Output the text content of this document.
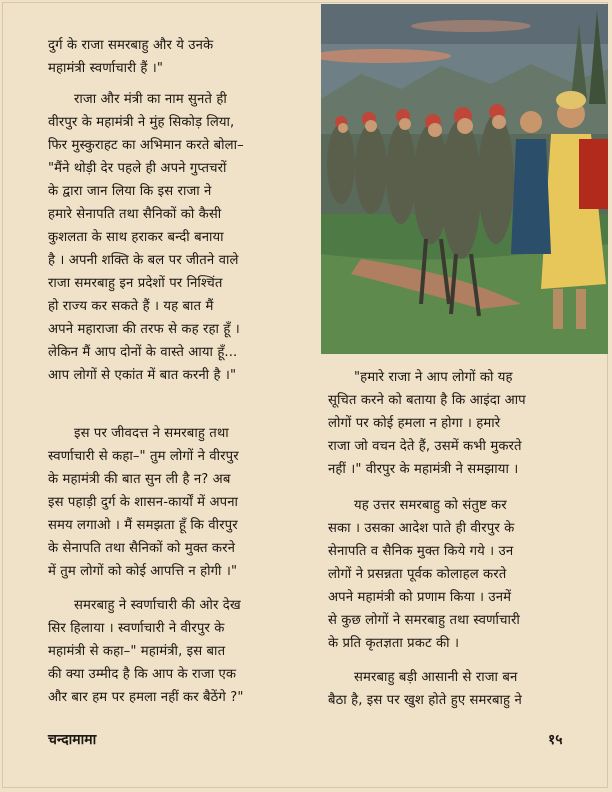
दुर्ग के राजा समरबाहु और ये उनके
महामंत्री स्वर्णाचारी हैं ।"
राजा और मंत्री का नाम सुनते ही
वीरपुर के महामंत्री ने मुंह सिकोड़ लिया,
फिर मुस्कुराहट का अभिमान करते बोला–
"मैंने थोड़ी देर पहले ही अपने गुप्तचरों
के द्वारा जान लिया कि इस राजा ने
हमारे सेनापति तथा सैनिकों को कैसी
कुशलता के साथ हराकर बन्दी बनाया
है । अपनी शक्ति के बल पर जीतने वाले
राजा समरबाहु इन प्रदेशों पर निश्चिंत
हो राज्य कर सकते हैं । यह बात मैं
अपने महाराजा की तरफ से कह रहा हूँ ।
लेकिन मैं आप दोनों के वास्ते आया हूँ...
आप लोगों से एकांत में बात करनी है ।"
इस पर जीवदत्त ने समरबाहु तथा
स्वर्णाचारी से कहा–" तुम लोगों ने वीरपुर
के महामंत्री की बात सुन ली है न? अब
इस पहाड़ी दुर्ग के शासन-कार्यों में अपना
समय लगाओ । मैं समझता हूँ कि वीरपुर
के सेनापति तथा सैनिकों को मुक्त करने
में तुम लोगों को कोई आपत्ति न होगी ।"
समरबाहु ने स्वर्णाचारी की ओर देख
सिर हिलाया । स्वर्णाचारी ने वीरपुर के
महामंत्री से कहा–" महामंत्री, इस बात
की क्या उम्मीद है कि आप के राजा एक
और बार हम पर हमला नहीं कर बैठेंगे ?"
"हमारे राजा ने आप लोगों को यह
सूचित करने को बताया है कि आइंदा आप
लोगों पर कोई हमला न होगा । हमारे
राजा जो वचन देते हैं, उसमें कभी मुकरते
नहीं ।" वीरपुर के महामंत्री ने समझाया ।
यह उत्तर समरबाहु को संतुष्ट कर
सका । उसका आदेश पाते ही वीरपुर के
सेनापति व सैनिक मुक्त किये गये । उन
लोगों ने प्रसन्नता पूर्वक कोलाहल करते
अपने महामंत्री को प्रणाम किया । उनमें
से कुछ लोगों ने समरबाहु तथा स्वर्णाचारी
के प्रति कृतज्ञता प्रकट की ।
समरबाहु बड़ी आसानी से राजा बन
बैठा है, इस पर खुश होते हुए समरबाहु ने
चन्दामामा	१५
